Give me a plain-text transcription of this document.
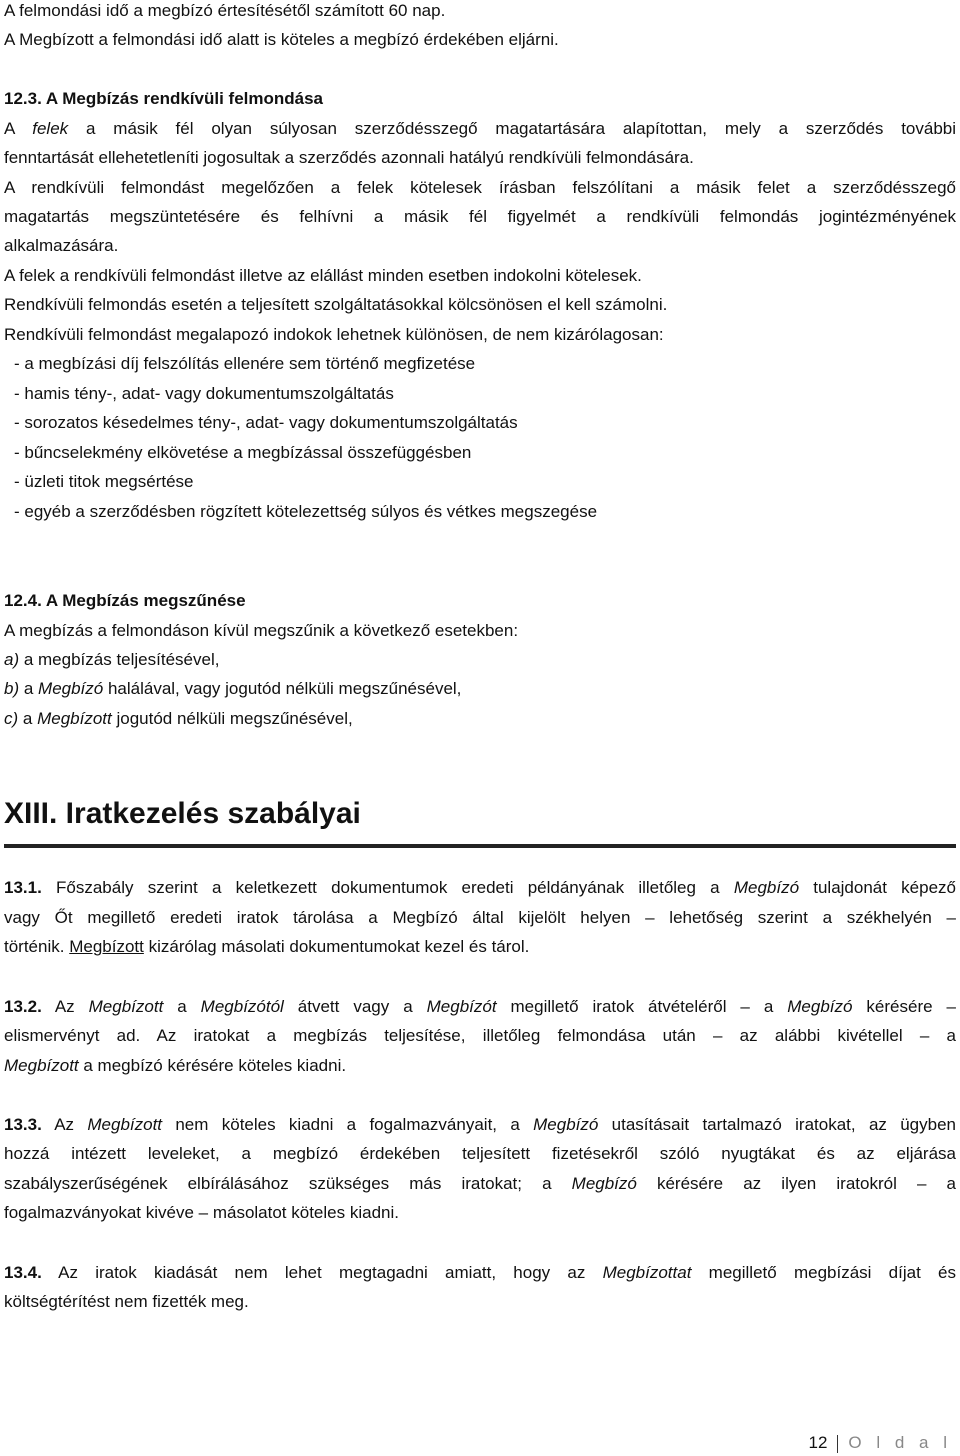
A felmondási idő a megbízó értesítésétől számított 60 nap.
A Megbízott a felmondási idő alatt is köteles a megbízó érdekében eljárni.
12.3. A Megbízás rendkívüli felmondása
A felek a másik fél olyan súlyosan szerződésszegő magatartására alapítottan, mely a szerződés további
fenntartását ellehetetleníti jogosultak a szerződés azonnali hatályú rendkívüli felmondására.
A rendkívüli felmondást megelőzően a felek kötelesek írásban felszólítani a másik felet a szerződésszegő
magatartás megszüntetésére és felhívni a másik fél figyelmét a rendkívüli felmondás jogintézményének
alkalmazására.
A felek a rendkívüli felmondást illetve az elállást minden esetben indokolni kötelesek.
Rendkívüli felmondás esetén a teljesített szolgáltatásokkal kölcsönösen el kell számolni.
Rendkívüli felmondást megalapozó indokok lehetnek különösen, de nem kizárólagosan:
- a megbízási díj felszólítás ellenére sem történő megfizetése
- hamis tény-, adat- vagy dokumentumszolgáltatás
- sorozatos késedelmes tény-, adat- vagy dokumentumszolgáltatás
- bűncselekmény elkövetése a megbízással összefüggésben
- üzleti titok megsértése
- egyéb a szerződésben rögzített kötelezettség súlyos és vétkes megszegése
12.4. A Megbízás megszűnése
A megbízás a felmondáson kívül megszűnik a következő esetekben:
a) a megbízás teljesítésével,
b) a Megbízó halálával, vagy jogutód nélküli megszűnésével,
c) a Megbízott jogutód nélküli megszűnésével,
XIII. Iratkezelés szabályai
13.1. Főszabály szerint a keletkezett dokumentumok eredeti példányának illetőleg a Megbízó tulajdonát képező
vagy Őt megillető eredeti iratok tárolása a Megbízó által kijelölt helyen – lehetőség szerint a székhelyén –
történik. Megbízott kizárólag másolati dokumentumokat kezel és tárol.
13.2. Az Megbízott a Megbízótól átvett vagy a Megbízót megillető iratok átvételéről – a Megbízó kérésére –
elismervényt ad. Az iratokat a megbízás teljesítése, illetőleg felmondása után – az alábbi kivétellel – a
Megbízott a megbízó kérésére köteles kiadni.
13.3. Az Megbízott nem köteles kiadni a fogalmazványait, a Megbízó utasításait tartalmazó iratokat, az ügyben
hozzá intézett leveleket, a megbízó érdekében teljesített fizetésekről szóló nyugtákat és az eljárása
szabályszerűségének elbírálásához szükséges más iratokat; a Megbízó kérésére az ilyen iratokról – a
fogalmazványokat kivéve – másolatot köteles kiadni.
13.4. Az iratok kiadását nem lehet megtagadni amiatt, hogy az Megbízottat megillető megbízási díjat és
költségtérítést nem fizették meg.
12 O l d a l
